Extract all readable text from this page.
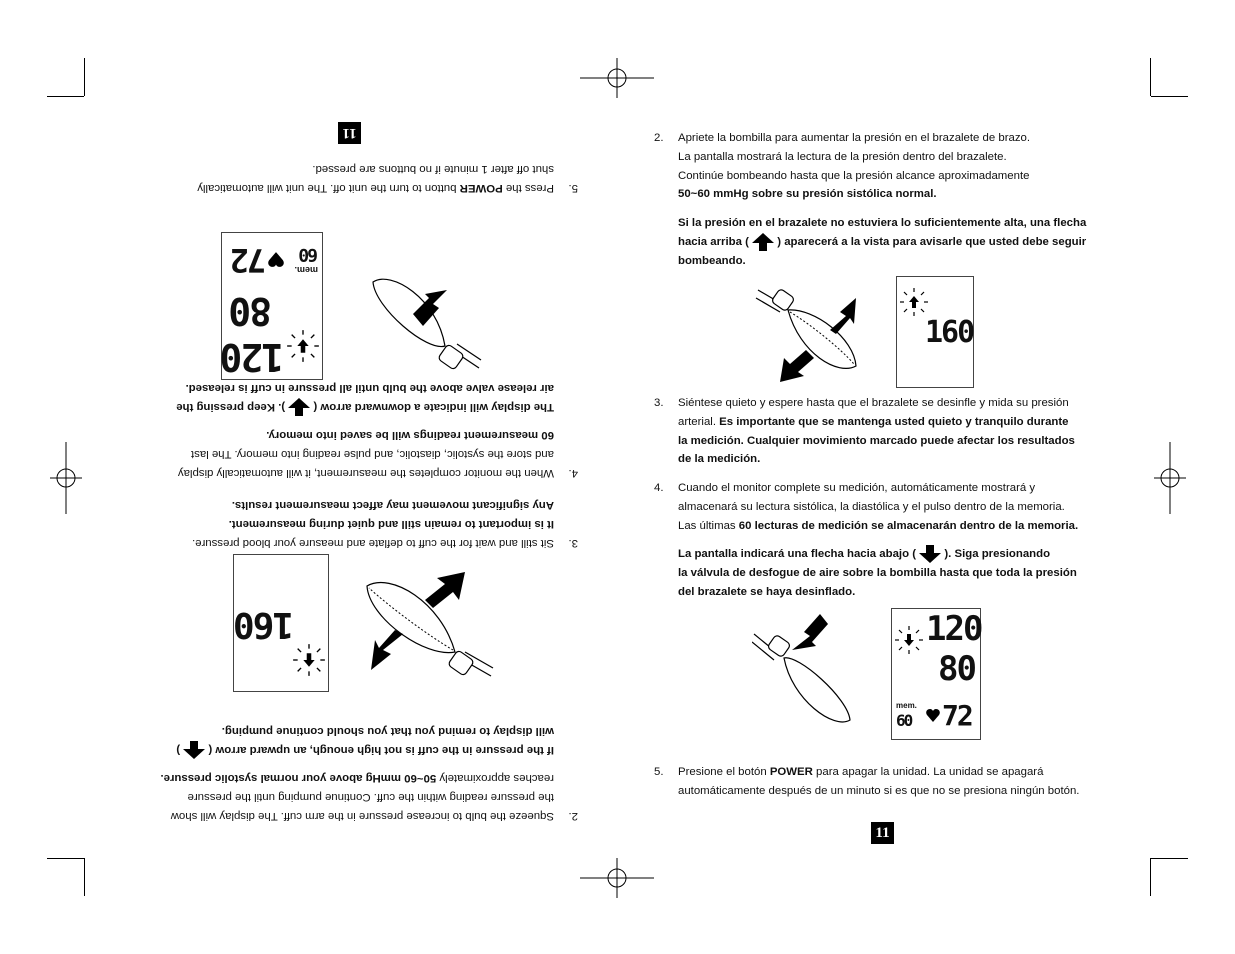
2. Apriete la bombilla para aumentar la presión en el brazalete de brazo.
La pantalla mostrará la lectura de la presión dentro del brazalete.
Continúe bombeando hasta que la presión alcance aproximadamente
50~60 mmHg sobre su presión sistólica normal.
Si la presión en el brazalete no estuviera lo suficientemente alta, una flecha
hacia arriba ( ) aparecerá a la vista para avisarle que usted debe seguir
bombeando.
160
3. Siéntese quieto y espere hasta que el brazalete se desinfle y mida su presión
arterial. Es importante que se mantenga usted quieto y tranquilo durante
la medición. Cualquier movimiento marcado puede afectar los resultados
de la medición.
4. Cuando el monitor complete su medición, automáticamente mostrará y
almacenará su lectura sistólica, la diastólica y el pulso dentro de la memoria.
Las últimas 60 lecturas de medición se almacenarán dentro de la memoria.
La pantalla indicará una flecha hacia abajo ( ). Siga presionando
la válvula de desfogue de aire sobre la bombilla hasta que toda la presión
del brazalete se haya desinflado.
120
80
mem.
60 72
5. Presione el botón POWER para apagar la unidad. La unidad se apagará
automáticamente después de un minuto si es que no se presiona ningún botón.
11
2.
Squeeze the bulb to increase pressure in the arm cuff. The display will show
the pressure reading within the cuff. Continue pumping until the pressure
reaches approximately 50~60 mmHg above your normal systolic pressure.
If the pressure in the cuff is not high enough, an upward arrow (  )
will display to remind you that you should continue pumping.
160
3.
Sit still and wait for the cuff to deflate and measure your blood pressure.
It is important to remain still and quiet during measurement.
Any significant movement may affect measurement results.
4.
When the monitor completes the measurement, it will automatically display
and store the systolic, diastolic, and pulse reading into memory. The last
60 measurement readings will be saved into memory.
The display will indicate a downward arrow (  ). Keep pressing the
air release valve above the bulb until all pressure in cuff is released.
120
80
mem.
60
72
5.
Press the POWER button to turn the unit off. The unit will automatically
shut off after 1 minute if no buttons are pressed.
11
